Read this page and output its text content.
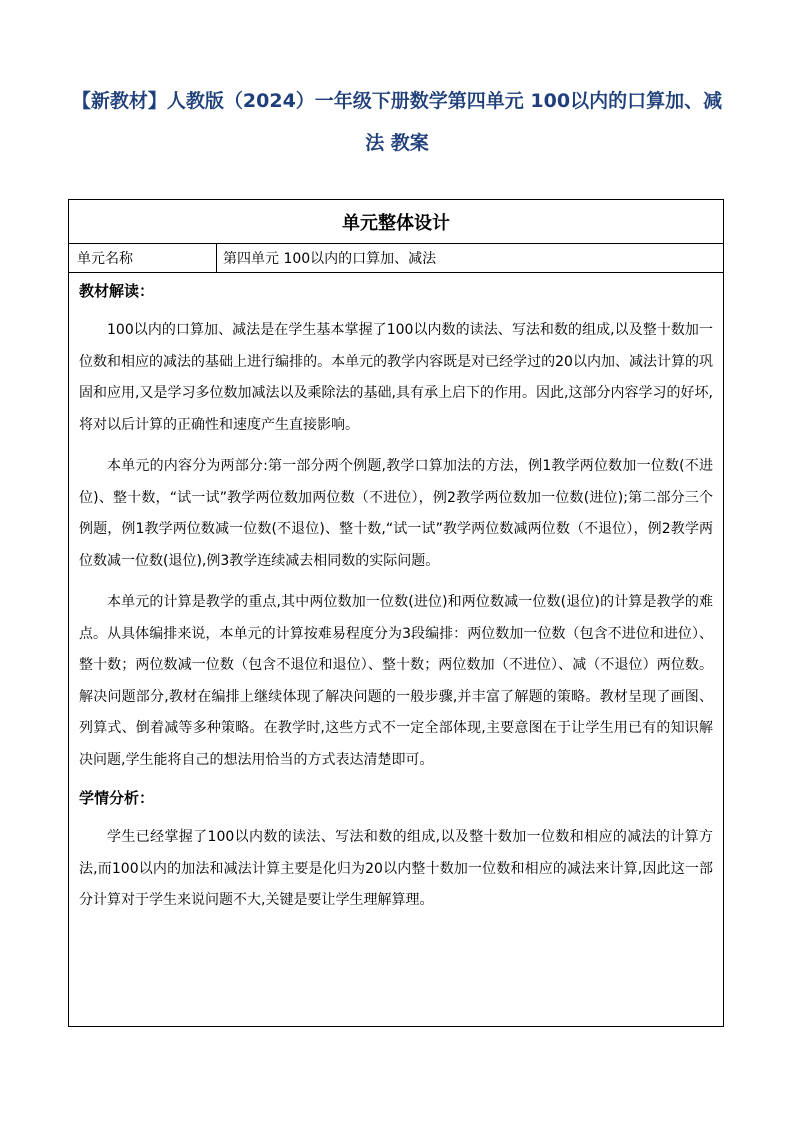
【新教材】人教版（2024）一年级下册数学第四单元 100以内的口算加、减法 教案
单元整体设计
单元名称	第四单元 100以内的口算加、减法
教材解读：

100以内的口算加、减法是在学生基本掌握了100以内数的读法、写法和数的组成,以及整十数加一位数和相应的减法的基础上进行编排的。本单元的教学内容既是对已经学过的20以内加、减法计算的巩固和应用,又是学习多位数加减法以及乘除法的基础,具有承上启下的作用。因此,这部分内容学习的好坏,将对以后计算的正确性和速度产生直接影响。

本单元的内容分为两部分:第一部分两个例题,教学口算加法的方法，例1教学两位数加一位数(不进位)、整十数，“试一试”教学两位数加两位数（不进位），例2教学两位数加一位数(进位);第二部分三个例题，例1教学两位数减一位数(不退位)、整十数,“试一试”教学两位数减两位数（不退位），例2教学两位数减一位数(退位),例3教学连续减去相同数的实际问题。

本单元的计算是教学的重点,其中两位数加一位数(进位)和两位数减一位数(退位)的计算是教学的难点。从具体编排来说，本单元的计算按难易程度分为3段编排：两位数加一位数（包含不进位和进位）、整十数；两位数减一位数（包含不退位和退位）、整十数；两位数加（不进位）、减（不退位）两位数。解决问题部分,教材在编排上继续体现了解决问题的一般步骤,并丰富了解题的策略。教材呈现了画图、列算式、倒着减等多种策略。在教学时,这些方式不一定全部体现,主要意图在于让学生用已有的知识解决问题,学生能将自己的想法用恰当的方式表达清楚即可。

学情分析：

学生已经掌握了100以内数的读法、写法和数的组成,以及整十数加一位数和相应的减法的计算方法,而100以内的加法和减法计算主要是化归为20以内整十数加一位数和相应的减法来计算,因此这一部分计算对于学生来说问题不大,关键是要让学生理解算理。
